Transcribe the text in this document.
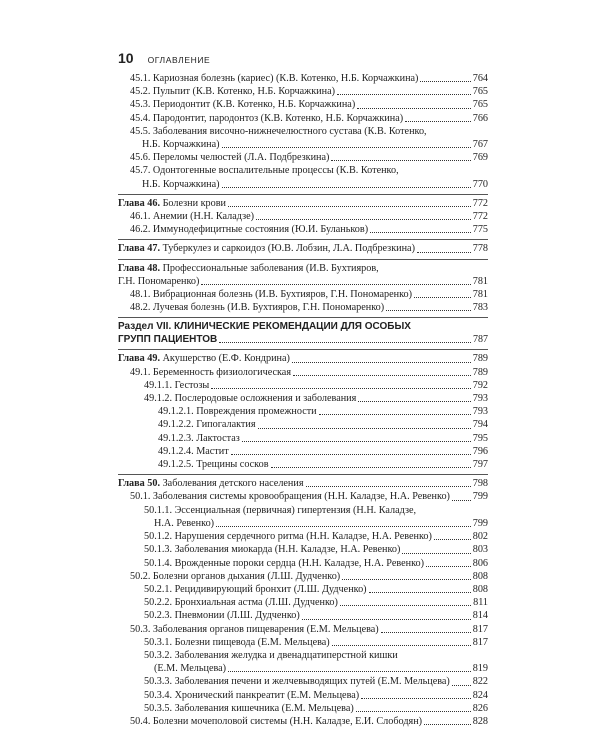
10 ОГЛАВЛЕНИЕ
45.1. Кариозная болезнь (кариес) (К.В. Котенко, Н.Б. Корчажкина)	764
45.2. Пульпит (К.В. Котенко, Н.Б. Корчажкина)	765
45.3. Периодонтит (К.В. Котенко, Н.Б. Корчажкина)	765
45.4. Пародонтит, пародонтоз (К.В. Котенко, Н.Б. Корчажкина)	766
45.5. Заболевания височно-нижнечелюстного сустава (К.В. Котенко,
Н.Б. Корчажкина)	767
45.6. Переломы челюстей (Л.А. Подбрезкина)	769
45.7. Одонтогенные воспалительные процессы (К.В. Котенко,
Н.Б. Корчажкина)	770
Глава 46. Болезни крови	772
46.1. Анемии (Н.Н. Каладзе)	772
46.2. Иммунодефицитные состояния (Ю.И. Буланьков)	775
Глава 47. Туберкулез и саркоидоз (Ю.В. Лобзин, Л.А. Подбрезкина)	778
Глава 48. Профессиональные заболевания (И.В. Бухтияров,
Г.Н. Пономаренко)	781
48.1. Вибрационная болезнь (И.В. Бухтияров, Г.Н. Пономаренко)	781
48.2. Лучевая болезнь (И.В. Бухтияров, Г.Н. Пономаренко)	783
Раздел VII. КЛИНИЧЕСКИЕ РЕКОМЕНДАЦИИ ДЛЯ ОСОБЫХ
ГРУПП ПАЦИЕНТОВ	787
Глава 49. Акушерство (Е.Ф. Кондрина)	789
49.1. Беременность физиологическая	789
49.1.1. Гестозы	792
49.1.2. Послеродовые осложнения и заболевания	793
49.1.2.1. Повреждения промежности	793
49.1.2.2. Гипогалактия	794
49.1.2.3. Лактостаз	795
49.1.2.4. Мастит	796
49.1.2.5. Трещины сосков	797
Глава 50. Заболевания детского населения	798
50.1. Заболевания системы кровообращения (Н.Н. Каладзе, Н.А. Ревенко) 799
50.1.1. Эссенциальная (первичная) гипертензия (Н.Н. Каладзе,
Н.А. Ревенко)	799
50.1.2. Нарушения сердечного ритма (Н.Н. Каладзе, Н.А. Ревенко)	802
50.1.3. Заболевания миокарда (Н.Н. Каладзе, Н.А. Ревенко)	803
50.1.4. Врожденные пороки сердца (Н.Н. Каладзе, Н.А. Ревенко)	806
50.2. Болезни органов дыхания (Л.Ш. Дудченко)	808
50.2.1. Рецидивирующий бронхит (Л.Ш. Дудченко)	808
50.2.2. Бронхиальная астма (Л.Ш. Дудченко)	811
50.2.3. Пневмонии (Л.Ш. Дудченко)	814
50.3. Заболевания органов пищеварения (Е.М. Мельцева)	817
50.3.1. Болезни пищевода (Е.М. Мельцева)	817
50.3.2. Заболевания желудка и двенадцатиперстной кишки
(Е.М. Мельцева)	819
50.3.3. Заболевания печени и желчевыводящих путей (Е.М. Мельцева) 822
50.3.4. Хронический панкреатит (Е.М. Мельцева)	824
50.3.5. Заболевания кишечника (Е.М. Мельцева)	826
50.4. Болезни мочеполовой системы (Н.Н. Каладзе, Е.И. Слободян)	828
